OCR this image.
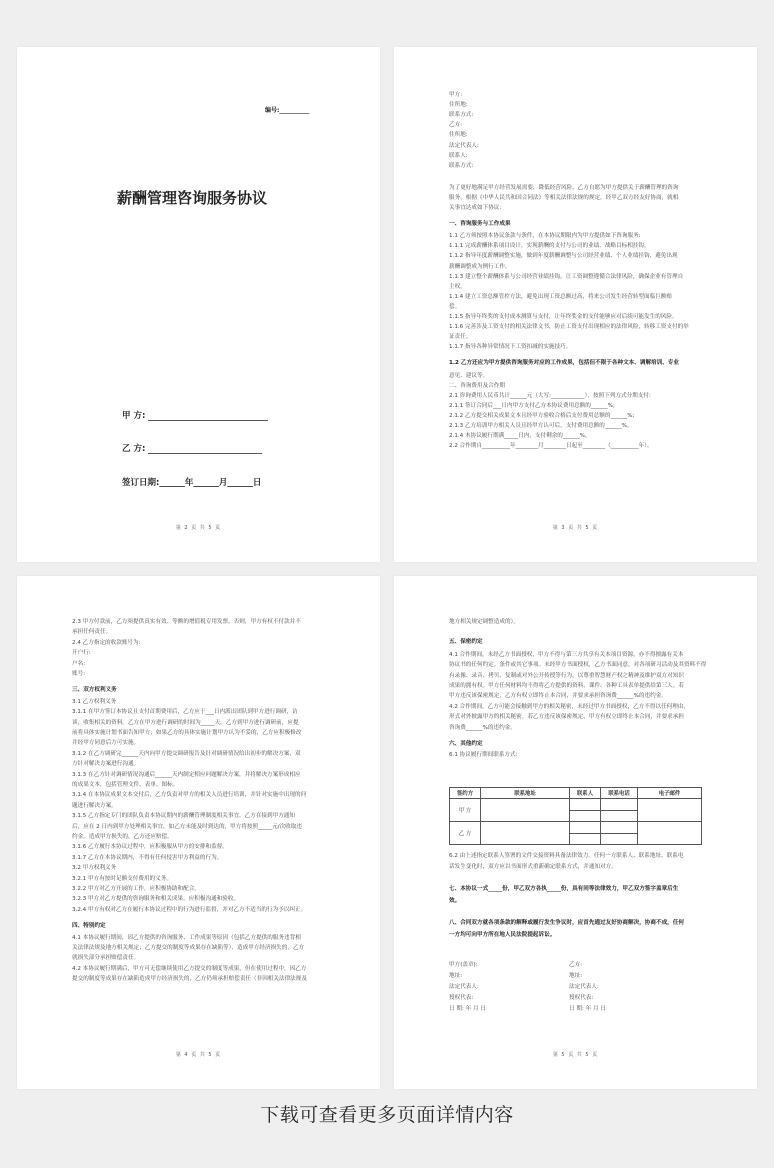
编号:__________
薪酬管理咨询服务协议
甲 方:
乙 方:
签订日期:______年______月______日
第 2 页 共 5 页
甲方:
住所地:
联系方式:
乙方:
住所地:
法定代表人:
联系人:
联系方式:
为了更好地满足甲方经营发展需要，降低经营风险，乙方自愿为甲方提供关于薪酬管理的咨询
服务。根据《中华人民共和国合同法》等相关法律法规的规定，经甲乙双方经友好协商，就相
关事宜达成如下协议:
一、咨询服务与工作成果
1.1 乙方须按照本协议条款与条件，在本协议期限内为甲方提供如下咨询服务:
1.1.1 完成薪酬体系项目设计，实现薪酬的支付与公司的业绩、战略目标相挂钩。
1.1.2 指导年度薪酬调整实施，做到年度薪酬调整与公司经营业绩、个人业绩挂钩，避免出现
薪酬调整成为例行工作。
1.1.3 建立整个薪酬体系与公司经营业绩挂钩，让工资调整遵循合法律风险，确保企业有管理自
主权。
1.1.4 建立工资总额管控方法，避免出现工资总额过高，将来公司发生经营转型面临巨额赔
偿。
1.1.5 指导年终奖的支付成本测算与支付，让年终奖金的支付能够应对后续可能发生的风险。
1.1.6 完善涉及工资支付的相关法律文书，防止工资支付出现相应的法律风险，转移工资支付的举
证责任。
1.1.7 指导各种异常情况下工资扣减的实施技巧。
1.2 乙方还应为甲方提供咨询服务对应的工作成果，包括但不限于各种文本、调解培训、专业
意见、建议等。
二、咨询费用及合作期
2.1 咨询费用人民币共计______元（大写:____________），按照下列方式分期支付:
2.1.1 签订合同后___日内甲方支付乙方本协议费用总额的______%;
2.1.2 乙方提交相关成果文本且经甲方验收合格后支付费用总额的______%;
2.1.3 乙方培训甲方相关人员且经甲方认可后，支付费用总额的______%。
2.1.4 本协议履行期满_____日内，支付剩余的______%。
2.2 合作期自__________年________月________日起至________（__________年）。
第 3 页 共 5 页
2.3 甲方付款前，乙方须提供真实有效、等额的增值税专用发票。否则，甲方有权不付款并不
承担任何责任。
2.4 乙方指定的收款账号为:
开户行:
户名:
账号:
三、双方权利义务
3.1 乙方权利义务
3.1.1 在甲方签订本协议且支付首期费用后，乙方应于___日内派出团队到甲方进行调研，访
谈，收集相关的资料。乙方在甲方进行调研的时间为_____天。乙方到甲方进行调研前，应提
前将具体实施计划书面告知甲方；如果乙方的具体实施计划甲方认为不妥的，乙方应积极修改
并经甲方同意后方可实施。
3.1.2 在乙方调研完______天内向甲方提交调研报告及针对调研情况给出初步的解决方案，双
方针对解决方案进行沟通。
3.1.3 在乙方针对调研情况沟通后______天内制定相应问题解决方案，并将解决方案形成相应
的成果文本，包括管理文件、表单、图标。
3.1.4 在本协议成果文本交付后，乙方负责对甲方的相关人员进行培训，并针对实施中出现的问
题进行解决方案。
3.1.5 乙方指定专门的团队负责本协议期内的薪酬管理制度相关事宜。乙方在接到甲方通知
后，应在 2 日内到甲方处理相关事宜，如乙方未能及时到达的，甲方将按照_____元/次收取违
约金。造成甲方损失的，乙方还应赔偿。
3.1.6 乙方履行本协议过程中，应积极服从甲方的安排和监督。
3.1.7 乙方在本协议期内，不得有任何侵害甲方利益的行为。
3.2 甲方权利义务
3.2.1 甲方有按时足额支付费用的义务。
3.2.2 甲方对乙方开展的工作，应积极协助和配合。
3.2.3 甲方对乙方提供的咨询服务和相关成果，应积极沟通和验收。
3.2.4 甲方有权对乙方在履行本协议过程中的行为进行监督，并对乙方不适当的行为予以纠正。
四、特别约定
4.1 本协议履行期间，因乙方提供的咨询服务、工作成果等原因（包括乙方提供的服务违背相
关法律法规及地方相关规定；乙方提交的制度等成果存在缺陷等），造成甲方经济损失的，乙方
就损失部分承担赔偿责任。
4.2 本协议履行期满后，甲方可无偿继续使用乙方提交的制度等成果，但在使用过程中，因乙方
提交的制度等成果存在缺陷造成甲方经济损失的，乙方仍须承担赔偿责任（非因相关法律法规及
第 4 页 共 5 页
地方相关规定调整造成的）。
五、保密约定
4.1 合作期间，未经乙方书面授权，甲方不得与第三方共享有关本项目资源，亦不得擅露有关本
协议书的任何约定。条件或其它事项。未经甲方书面授权，乙方书面同意，对各项研习活动及其资料不得
有录像、录音、拷贝、复制或对外公开传授等行为，以尊重智慧财产权之精神及维护双方对知识
成果的拥有权。甲方任何材料均不得将乙方提供的资料、课件、各种工具表单提供给第三人。若
甲方违反该保密规定，乙方有权立即终止本合同，并要求承担咨询费______%的违约金。
4.2 合作期间，乙方可能会接触到甲方的相关秘密，未经过甲方书面授权，乙方不得以任何理由，
形式对外披露甲方的相关秘密。若乙方违反该保密规定，甲方有权立即终止本合同，并要求承担
咨询费______%的违约金。
六、其他约定
6.1 协议履行期间联系方式:
6.2 由上述指定联系人签署的文件交接资料具备法律效力。任何一方联系人、联系地址、联系电
话发生变化时，双方应以书面形式重新确定联系方式，并通知对方。
七、本协议一式_____份，甲乙双方各执_____份，具有同等法律效力，甲乙双方签字盖章后生
效。
八、合同双方就各项条款的解释或履行发生争议时，应首先通过友好协商解决，协商不成，任何
一方均可向甲方所在地人民法院提起诉讼。
签约方	联系地址	联系人	联系电话	电子邮件
甲 方				

乙 方				

甲方(盖章):
地址:
法定代表人:
授权代表:
日 期: 年 月 日
乙方:
地址:
法定代表人:
授权代表:
日 期: 年 月 日
第 5 页 共 5 页
下载可查看更多页面详情内容
